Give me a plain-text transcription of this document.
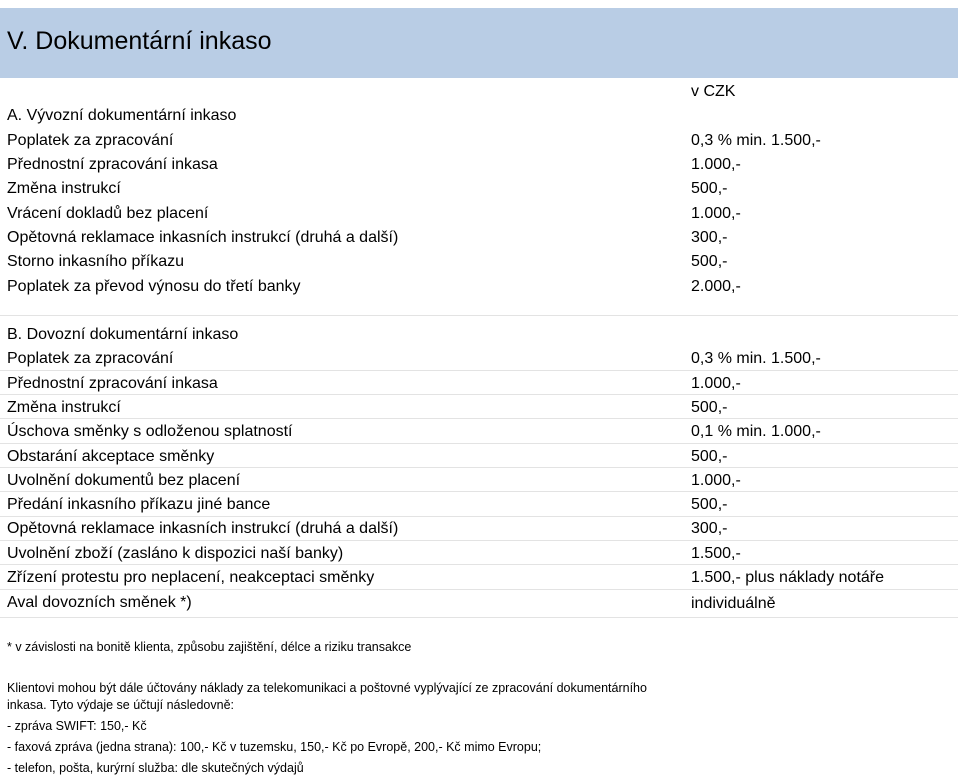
V. Dokumentární inkaso
v CZK
A. Vývozní dokumentární inkaso
Poplatek za zpracování	0,3 % min. 1.500,-
Přednostní zpracování inkasa	1.000,-
Změna instrukcí	500,-
Vrácení dokladů bez placení	1.000,-
Opětovná reklamace inkasních instrukcí (druhá a další)	300,-
Storno inkasního příkazu	500,-
Poplatek za převod výnosu do třetí banky	2.000,-
B. Dovozní dokumentární inkaso
Poplatek za zpracování	0,3 % min. 1.500,-
Přednostní zpracování inkasa	1.000,-
Změna instrukcí	500,-
Úschova směnky s odloženou splatností	0,1 % min. 1.000,-
Obstarání akceptace směnky	500,-
Uvolnění dokumentů bez placení	1.000,-
Předání inkasního příkazu jiné bance	500,-
Opětovná reklamace inkasních instrukcí (druhá a další)	300,-
Uvolnění zboží (zasláno k dispozici naší banky)	1.500,-
Zřízení protestu pro neplacení, neakceptaci směnky	1.500,- plus náklady notáře
Aval dovozních směnek *)	individuálně
* v závislosti na bonitě klienta, způsobu zajištění, délce a riziku transakce
Klientovi mohou být dále účtovány náklady za telekomunikaci a poštovné vyplývající ze zpracování dokumentárního
inkasa. Tyto výdaje se účtují následovně:
- zpráva SWIFT: 150,- Kč
- faxová zpráva (jedna strana): 100,- Kč v tuzemsku, 150,- Kč po Evropě, 200,- Kč mimo Evropu;
- telefon, pošta, kurýrní služba: dle skutečných výdajů
